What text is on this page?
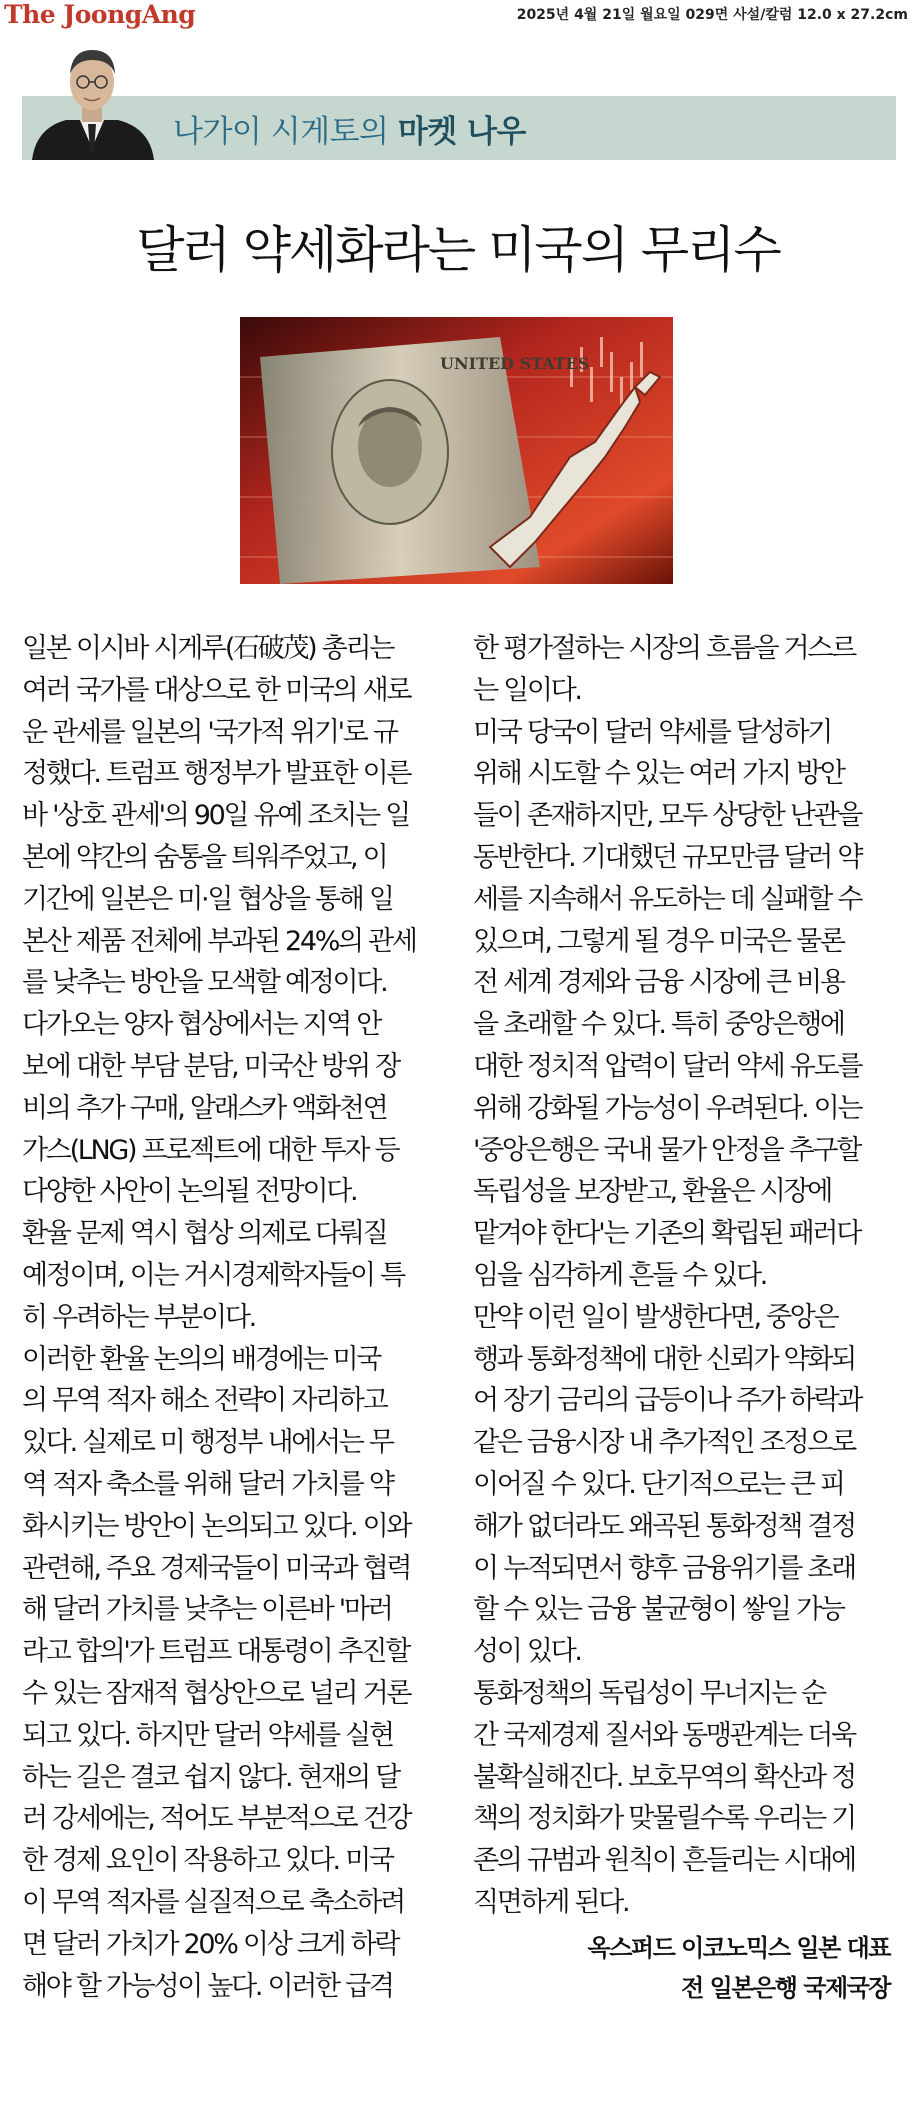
The JoongAng	2025년 4월 21일 월요일 029면 사설/칼럼 12.0 x 27.2cm
나가이 시게토의 마켓 나우
달러 약세화라는 미국의 무리수
UNITED STATES
일본 이시바 시게루(石破茂) 총리는
여러 국가를 대상으로 한 미국의 새로
운 관세를 일본의 '국가적 위기'로 규
정했다. 트럼프 행정부가 발표한 이른
바 '상호 관세'의 90일 유예 조치는 일
본에 약간의 숨통을 틔워주었고, 이
기간에 일본은 미·일 협상을 통해 일
본산 제품 전체에 부과된 24%의 관세
를 낮추는 방안을 모색할 예정이다.
다가오는 양자 협상에서는 지역 안
보에 대한 부담 분담, 미국산 방위 장
비의 추가 구매, 알래스카 액화천연
가스(LNG) 프로젝트에 대한 투자 등
다양한 사안이 논의될 전망이다.
환율 문제 역시 협상 의제로 다뤄질
예정이며, 이는 거시경제학자들이 특
히 우려하는 부분이다.
이러한 환율 논의의 배경에는 미국
의 무역 적자 해소 전략이 자리하고
있다. 실제로 미 행정부 내에서는 무
역 적자 축소를 위해 달러 가치를 약
화시키는 방안이 논의되고 있다. 이와
관련해, 주요 경제국들이 미국과 협력
해 달러 가치를 낮추는 이른바 '마러
라고 합의'가 트럼프 대통령이 추진할
수 있는 잠재적 협상안으로 널리 거론
되고 있다. 하지만 달러 약세를 실현
하는 길은 결코 쉽지 않다. 현재의 달
러 강세에는, 적어도 부분적으로 건강
한 경제 요인이 작용하고 있다. 미국
이 무역 적자를 실질적으로 축소하려
면 달러 가치가 20% 이상 크게 하락
해야 할 가능성이 높다. 이러한 급격
한 평가절하는 시장의 흐름을 거스르
는 일이다.
미국 당국이 달러 약세를 달성하기
위해 시도할 수 있는 여러 가지 방안
들이 존재하지만, 모두 상당한 난관을
동반한다. 기대했던 규모만큼 달러 약
세를 지속해서 유도하는 데 실패할 수
있으며, 그렇게 될 경우 미국은 물론
전 세계 경제와 금융 시장에 큰 비용
을 초래할 수 있다. 특히 중앙은행에
대한 정치적 압력이 달러 약세 유도를
위해 강화될 가능성이 우려된다. 이는
'중앙은행은 국내 물가 안정을 추구할
독립성을 보장받고, 환율은 시장에
맡겨야 한다'는 기존의 확립된 패러다
임을 심각하게 흔들 수 있다.
만약 이런 일이 발생한다면, 중앙은
행과 통화정책에 대한 신뢰가 약화되
어 장기 금리의 급등이나 주가 하락과
같은 금융시장 내 추가적인 조정으로
이어질 수 있다. 단기적으로는 큰 피
해가 없더라도 왜곡된 통화정책 결정
이 누적되면서 향후 금융위기를 초래
할 수 있는 금융 불균형이 쌓일 가능
성이 있다.
통화정책의 독립성이 무너지는 순
간 국제경제 질서와 동맹관계는 더욱
불확실해진다. 보호무역의 확산과 정
책의 정치화가 맞물릴수록 우리는 기
존의 규범과 원칙이 흔들리는 시대에
직면하게 된다.
옥스퍼드 이코노믹스 일본 대표
전 일본은행 국제국장
